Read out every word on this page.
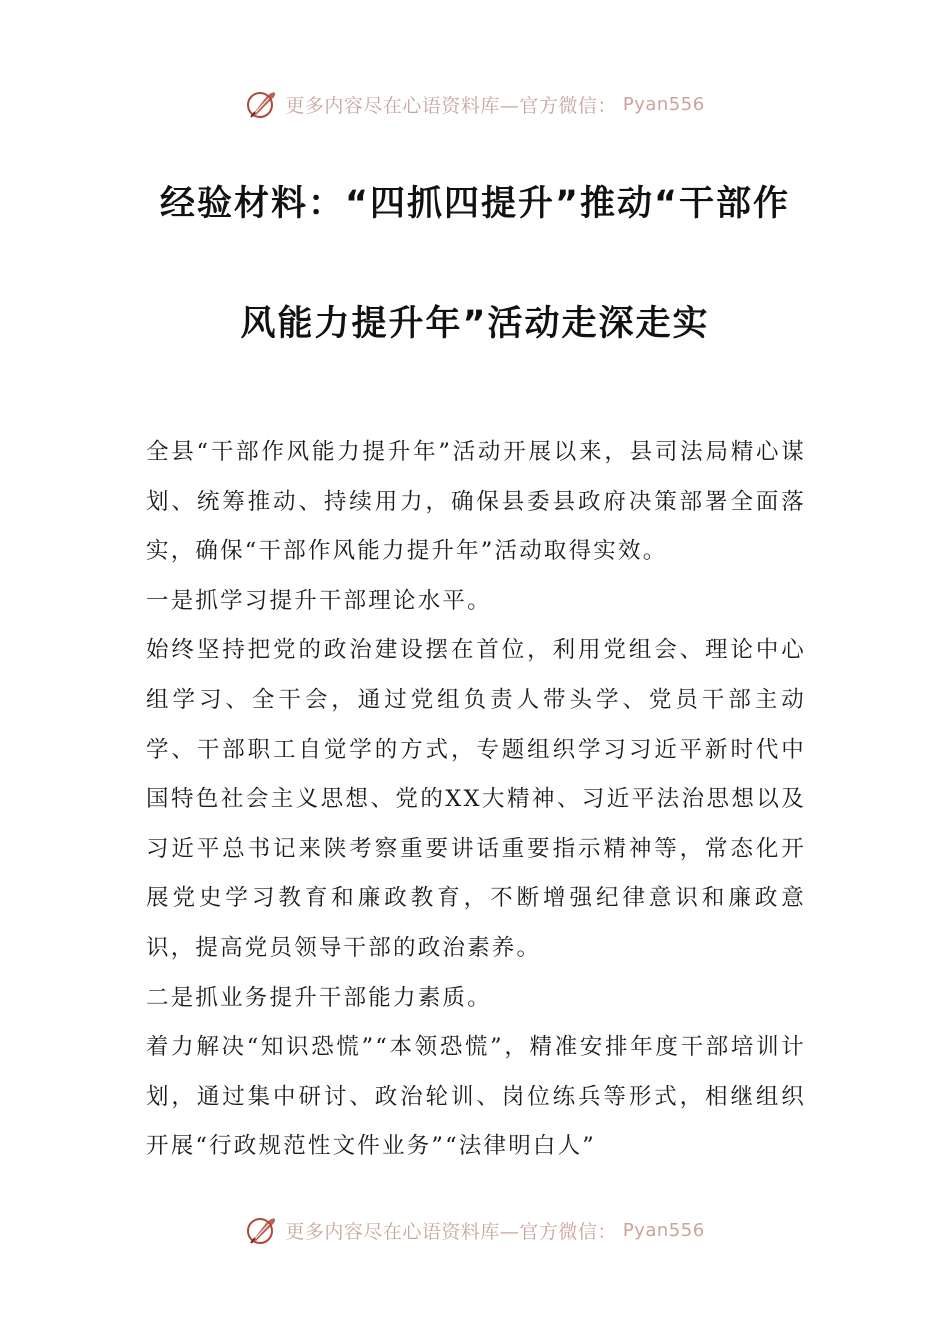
更多内容尽在心语资料库—官方微信： Pyan556
经验材料：“四抓四提升”推动“干部作
风能力提升年”活动走深走实

全县“干部作风能力提升年”活动开展以来，县司法局精心谋划、统筹推动、持续用力，确保县委县政府决策部署全面落实，确保“干部作风能力提升年”活动取得实效。

一是抓学习提升干部理论水平。

始终坚持把党的政治建设摆在首位，利用党组会、理论中心组学习、全干会，通过党组负责人带头学、党员干部主动学、干部职工自觉学的方式，专题组织学习习近平新时代中国特色社会主义思想、党的XX大精神、习近平法治思想以及习近平总书记来陕考察重要讲话重要指示精神等，常态化开展党史学习教育和廉政教育，不断增强纪律意识和廉政意识，提高党员领导干部的政治素养。

二是抓业务提升干部能力素质。

着力解决“知识恐慌”“本领恐慌”，精准安排年度干部培训计划，通过集中研讨、政治轮训、岗位练兵等形式，相继组织开展“行政规范性文件业务”“法律明白人”

更多内容尽在心语资料库—官方微信： Pyan556
